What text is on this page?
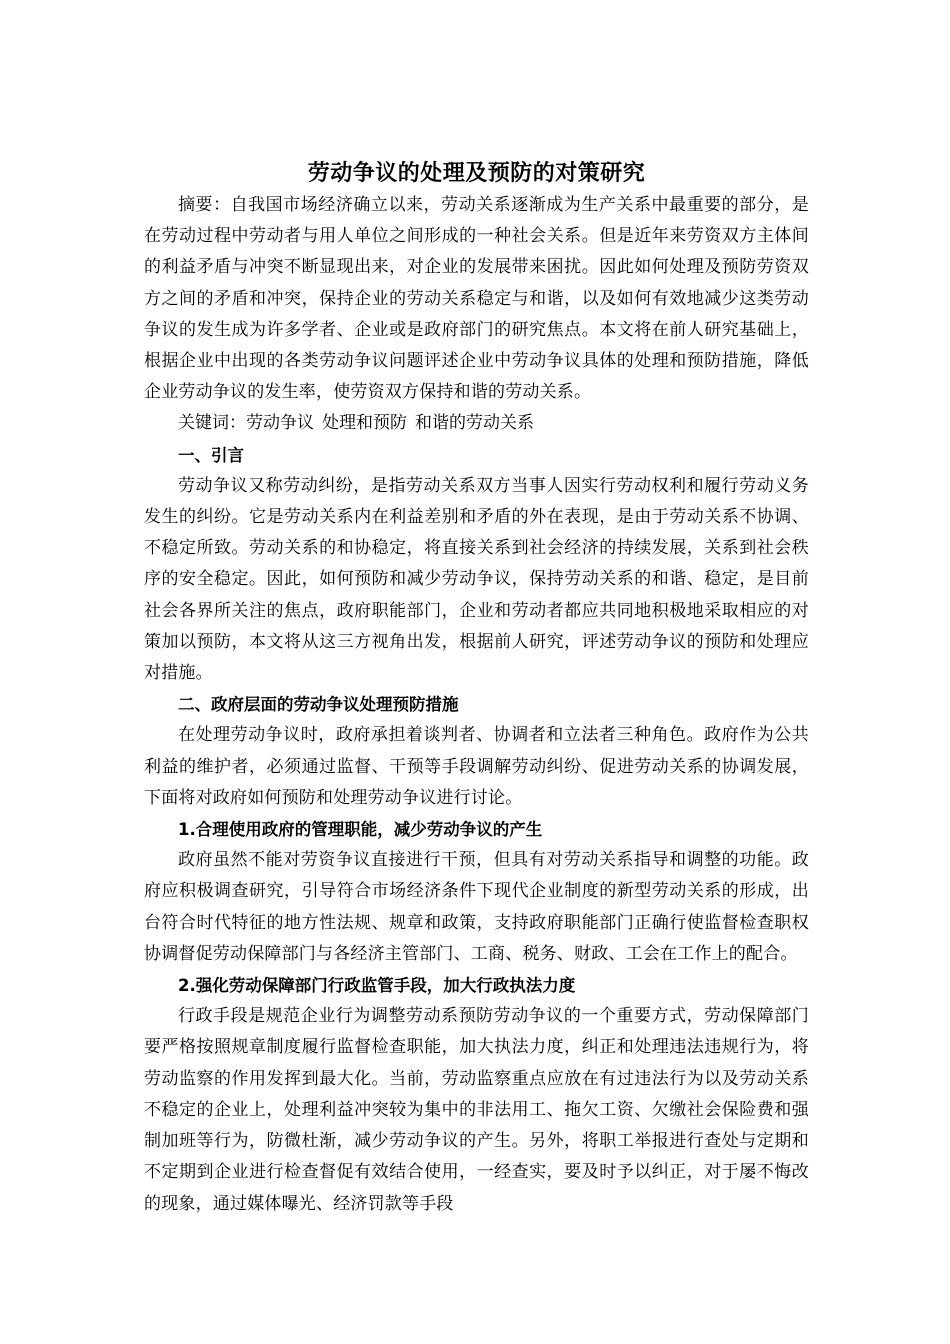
劳动争议的处理及预防的对策研究

摘要：自我国市场经济确立以来，劳动关系逐渐成为生产关系中最重要的部分，是在劳动过程中劳动者与用人单位之间形成的一种社会关系。但是近年来劳资双方主体间的利益矛盾与冲突不断显现出来，对企业的发展带来困扰。因此如何处理及预防劳资双方之间的矛盾和冲突，保持企业的劳动关系稳定与和谐，以及如何有效地减少这类劳动争议的发生成为许多学者、企业或是政府部门的研究焦点。本文将在前人研究基础上，根据企业中出现的各类劳动争议问题评述企业中劳动争议具体的处理和预防措施，降低企业劳动争议的发生率，使劳资双方保持和谐的劳动关系。

关键词：劳动争议 处理和预防 和谐的劳动关系

一、引言

劳动争议又称劳动纠纷，是指劳动关系双方当事人因实行劳动权利和履行劳动义务发生的纠纷。它是劳动关系内在利益差别和矛盾的外在表现，是由于劳动关系不协调、不稳定所致。劳动关系的和协稳定，将直接关系到社会经济的持续发展，关系到社会秩序的安全稳定。因此，如何预防和减少劳动争议，保持劳动关系的和谐、稳定，是目前社会各界所关注的焦点，政府职能部门，企业和劳动者都应共同地积极地采取相应的对策加以预防，本文将从这三方视角出发，根据前人研究，评述劳动争议的预防和处理应对措施。

二、政府层面的劳动争议处理预防措施

在处理劳动争议时，政府承担着谈判者、协调者和立法者三种角色。政府作为公共利益的维护者，必须通过监督、干预等手段调解劳动纠纷、促进劳动关系的协调发展，下面将对政府如何预防和处理劳动争议进行讨论。

1.合理使用政府的管理职能，减少劳动争议的产生

政府虽然不能对劳资争议直接进行干预，但具有对劳动关系指导和调整的功能。政府应积极调查研究，引导符合市场经济条件下现代企业制度的新型劳动关系的形成，出台符合时代特征的地方性法规、规章和政策，支持政府职能部门正确行使监督检查职权协调督促劳动保障部门与各经济主管部门、工商、税务、财政、工会在工作上的配合。

2.强化劳动保障部门行政监管手段，加大行政执法力度

行政手段是规范企业行为调整劳动系预防劳动争议的一个重要方式，劳动保障部门要严格按照规章制度履行监督检查职能，加大执法力度，纠正和处理违法违规行为，将劳动监察的作用发挥到最大化。当前，劳动监察重点应放在有过违法行为以及劳动关系不稳定的企业上，处理利益冲突较为集中的非法用工、拖欠工资、欠缴社会保险费和强制加班等行为，防微杜渐，减少劳动争议的产生。另外，将职工举报进行查处与定期和不定期到企业进行检查督促有效结合使用，一经查实，要及时予以纠正，对于屡不悔改的现象，通过媒体曝光、经济罚款等手段
